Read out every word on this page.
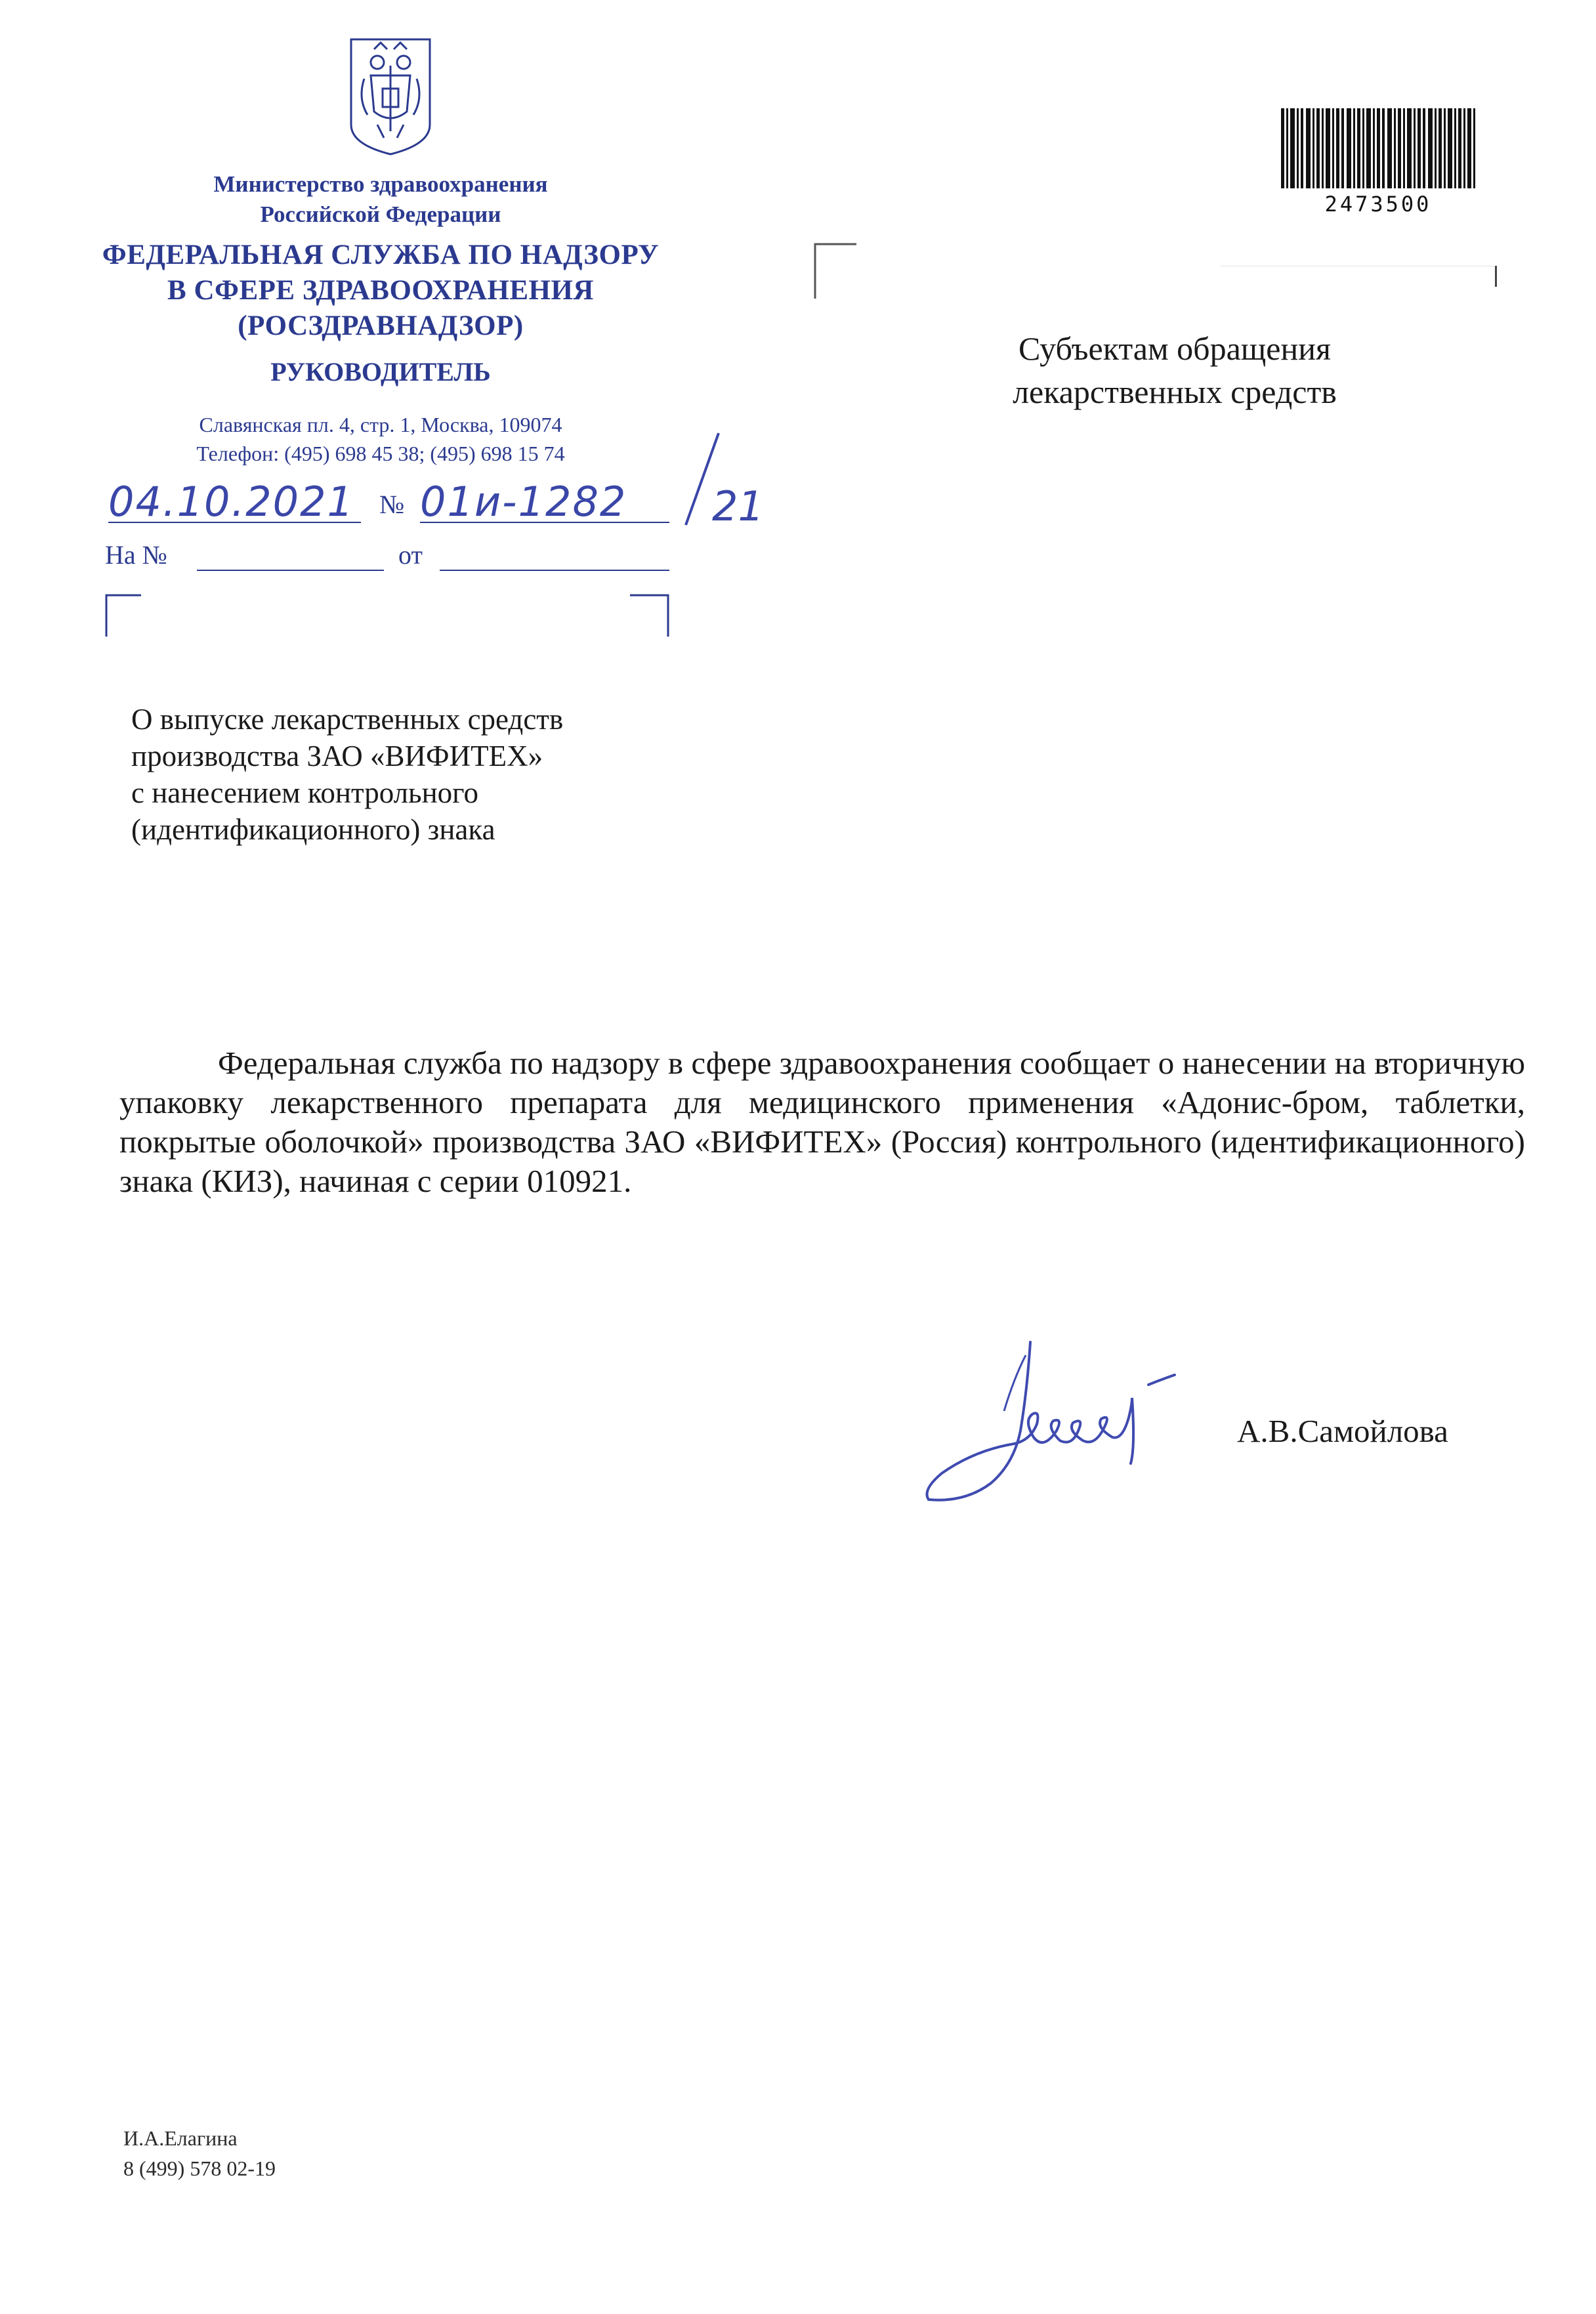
Министерство здравоохранения
Российской Федерации
ФЕДЕРАЛЬНАЯ СЛУЖБА ПО НАДЗОРУ
В СФЕРЕ ЗДРАВООХРАНЕНИЯ
(РОСЗДРАВНАДЗОР)
РУКОВОДИТЕЛЬ
Славянская пл. 4, стр. 1, Москва, 109074
Телефон: (495) 698 45 38; (495) 698 15 74
04.10.2021 № 01и-1282 21
На №	от
2473500
Субъектам обращения
лекарственных средств
О выпуске лекарственных средств
производства ЗАО «ВИФИТЕХ»
с нанесением контрольного
(идентификационного) знака
Федеральная служба по надзору в сфере здравоохранения сообщает о нанесении на вторичную упаковку лекарственного препарата для медицинского применения «Адонис-бром, таблетки, покрытые оболочкой» производства ЗАО «ВИФИТЕХ» (Россия) контрольного (идентификационного) знака (КИЗ), начиная с серии 010921.
А.В.Самойлова
И.А.Елагина
8 (499) 578 02-19
